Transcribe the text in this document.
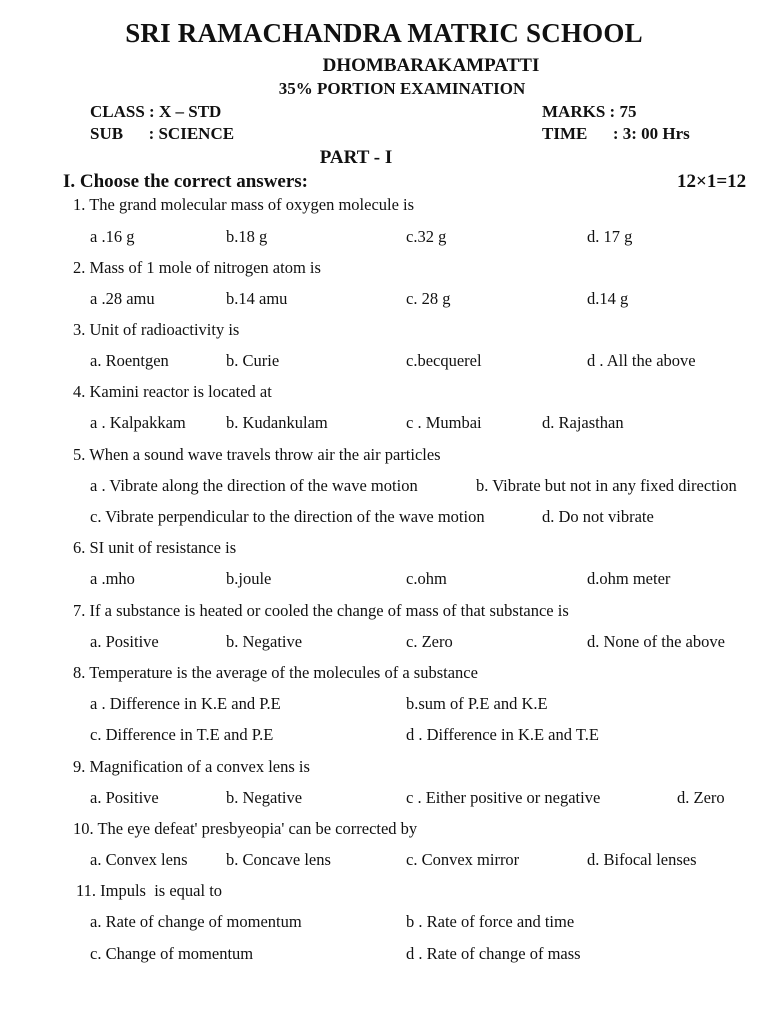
SRI RAMACHANDRA MATRIC SCHOOL
DHOMBARAKAMPATTI
35% PORTION EXAMINATION
CLASS : X – STD
SUB      : SCIENCE
MARKS : 75
TIME      : 3: 00 Hrs
PART - I
I. Choose the correct answers:	12×1=12
1. The grand molecular mass of oxygen molecule is
a .16 g	b.18 g	c.32 g	d. 17 g
2. Mass of 1 mole of nitrogen atom is
a .28 amu	b.14 amu	c. 28 g	d.14 g
3. Unit of radioactivity is
a. Roentgen	b. Curie	c.becquerel	d . All the above
4. Kamini reactor is located at
a . Kalpakkam b. Kudankulam	c . Mumbai	d. Rajasthan
5. When a sound wave travels throw air the air particles
a . Vibrate along the direction of the wave motion	b. Vibrate but not in any fixed direction
c. Vibrate perpendicular to the direction of the wave motion	d. Do not vibrate
6. SI unit of resistance is
a .mho	b.joule	c.ohm	d.ohm meter
7. If a substance is heated or cooled the change of mass of that substance is
a. Positive	b. Negative	c. Zero	d. None of the above
8. Temperature is the average of the molecules of a substance
a . Difference in K.E and P.E	b.sum of P.E and K.E
c. Difference in T.E and P.E	d . Difference in K.E and T.E
9. Magnification of a convex lens is
a. Positive	b. Negative	c . Either positive or negative	d. Zero
10. The eye defeat' presbyeopia' can be corrected by
a. Convex lens b. Concave lens	c. Convex mirror	d. Bifocal lenses
11. Impuls  is equal to
a. Rate of change of momentum	b . Rate of force and time
c. Change of momentum	d . Rate of change of mass
